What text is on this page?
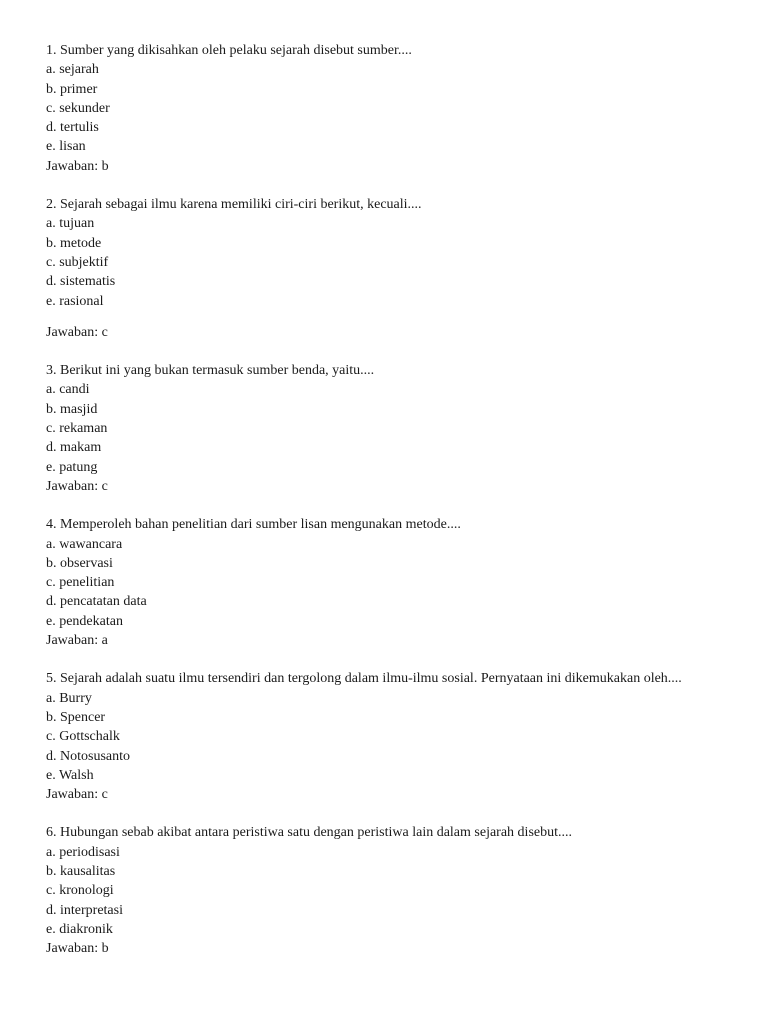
1. Sumber yang dikisahkan oleh pelaku sejarah disebut sumber....
a. sejarah
b. primer
c. sekunder
d. tertulis
e. lisan
Jawaban: b
2. Sejarah sebagai ilmu karena memiliki ciri-ciri berikut, kecuali....
a. tujuan
b. metode
c. subjektif
d. sistematis
e. rasional
Jawaban: c
3. Berikut ini yang bukan termasuk sumber benda, yaitu....
a. candi
b. masjid
c. rekaman
d. makam
e. patung
Jawaban: c
4. Memperoleh bahan penelitian dari sumber lisan mengunakan metode....
a. wawancara
b. observasi
c. penelitian
d. pencatatan data
e. pendekatan
Jawaban: a
5. Sejarah adalah suatu ilmu tersendiri dan tergolong dalam ilmu-ilmu sosial. Pernyataan ini dikemukakan oleh....
a. Burry
b. Spencer
c. Gottschalk
d. Notosusanto
e. Walsh
Jawaban: c
6. Hubungan sebab akibat antara peristiwa satu dengan peristiwa lain dalam sejarah disebut....
a. periodisasi
b. kausalitas
c. kronologi
d. interpretasi
e. diakronik
Jawaban: b
